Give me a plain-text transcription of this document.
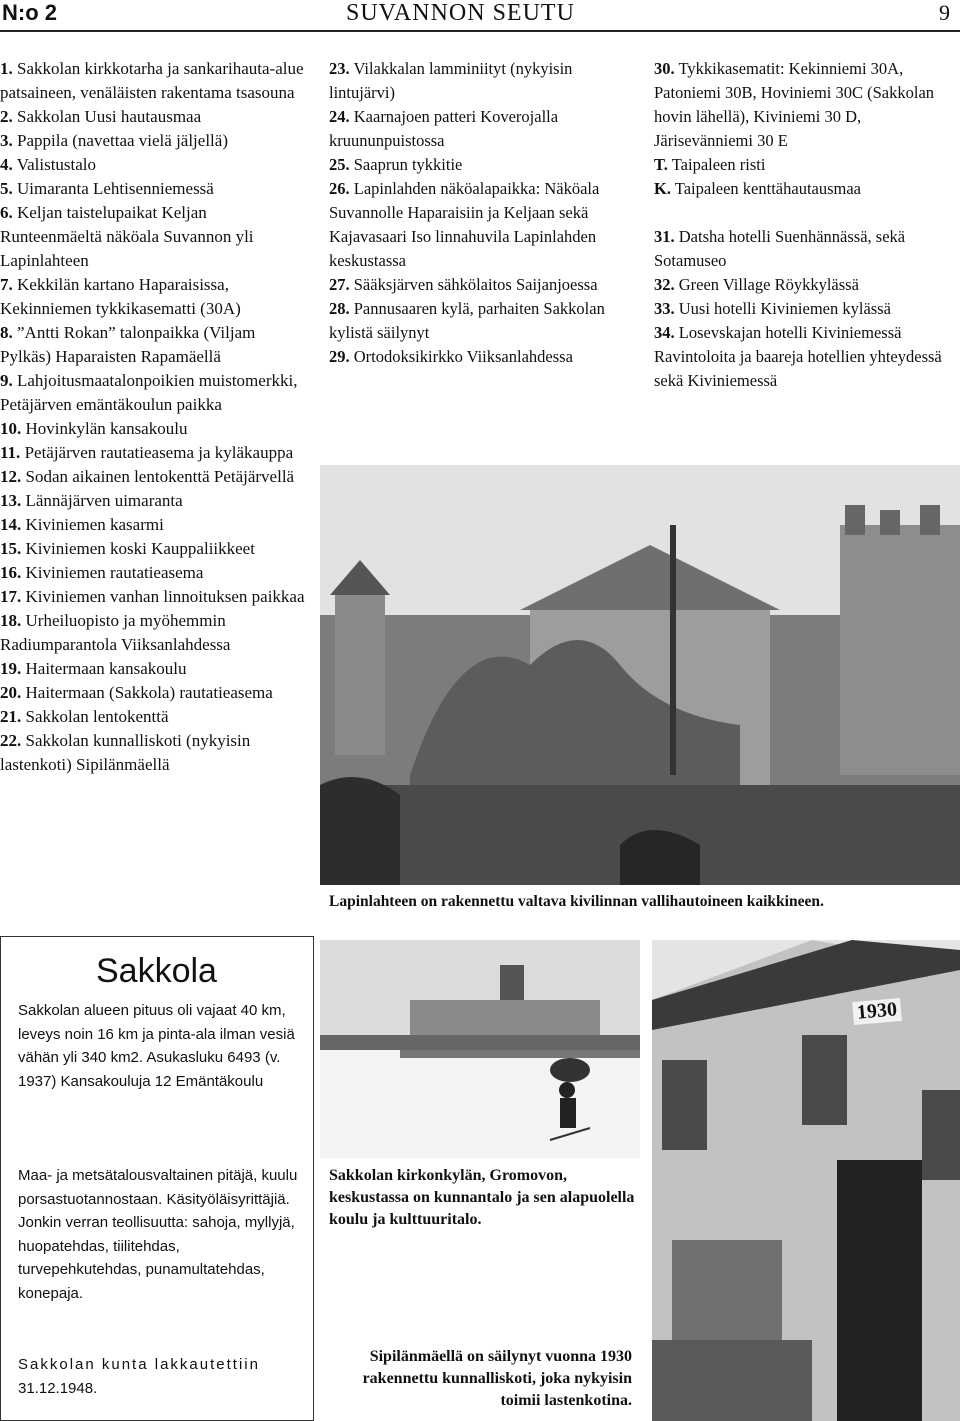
N:o 2	SUVANNON SEUTU	9
1. Sakkolan kirkkotarha ja sankarihauta-alue patsaineen, venäläisten rakentama tsasouna
2. Sakkolan Uusi hautausmaa
3. Pappila (navettaa vielä jäljellä)
4. Valistustalo
5. Uimaranta Lehtisenniemessä
6. Keljan taistelupaikat Keljan Runteenmäeltä näköala Suvannon yli Lapinlahteen
7. Kekkilän kartano Haparaisissa, Kekinniemen tykkikasematti (30A)
8. ”Antti Rokan” talonpaikka (Viljam Pylkäs) Haparaisten Rapamäellä
9. Lahjoitusmaatalonpoikien muistomerkki, Petäjärven emäntäkoulun paikka
10. Hovinkylän kansakoulu
11. Petäjärven rautatieasema ja kyläkauppa
12. Sodan aikainen lentokenttä Petäjärvellä
13. Lännäjärven uimaranta
14. Kiviniemen kasarmi
15. Kiviniemen koski Kauppaliikkeet
16. Kiviniemen rautatieasema
17. Kiviniemen vanhan linnoituksen paikkaa
18. Urheiluopisto ja myöhemmin Radiumparantola Viiksanlahdessa
19. Haitermaan kansakoulu
20. Haitermaan (Sakkola) rautatieasema
21. Sakkolan lentokenttä
22. Sakkolan kunnalliskoti (nykyisin lastenkoti) Sipilänmäellä
23. Vilakkalan lamminiityt (nykyisin lintujärvi)
24. Kaarnajoen patteri Koverojalla kruununpuistossa
25. Saaprun tykkitie
26. Lapinlahden näköalapaikka: Näköala Suvannolle Haparaisiin ja Keljaan sekä Kajavasaari Iso linnahuvila Lapinlahden keskustassa
27. Sääksjärven sähkölaitos Saijanjoessa
28. Pannusaaren kylä, parhaiten Sakkolan kylistä säilynyt
29. Ortodoksikirkko Viiksanlahdessa
30. Tykkikasematit: Kekinniemi 30A, Patoniemi 30B, Hoviniemi 30C (Sakkolan hovin lähellä), Kiviniemi 30 D, Järisevänniemi 30 E
T. Taipaleen risti
K. Taipaleen kenttähautausmaa
31. Datsha hotelli Suenhännässä, sekä Sotamuseo
32. Green Village Röykkylässä
33. Uusi hotelli Kiviniemen kylässä
34. Losevskajan hotelli Kiviniemessä Ravintoloita ja baareja hotellien yhteydessä sekä Kiviniemessä
Lapinlahteen on rakennettu valtava kivilinnan vallihautoineen kaikkineen.
Sakkola
Sakkolan alueen pituus oli vajaat 40 km, leveys noin 16 km ja pinta-ala ilman vesiä vähän yli 340 km2. Asukasluku 6493 (v. 1937) Kansakouluja 12 Emäntäkoulu
Maa- ja metsätalousvaltainen pitäjä, kuulu porsastuotannostaan. Käsityöläisyrittäjiä. Jonkin verran teollisuutta: sahoja, myllyjä, huopatehdas, tiilitehdas, turvepehkutehdas, punamultatehdas, konepaja.
Sakkolan kunta lakkautettiin
31.12.1948.
Sakkolan kirkonkylän, Gromovon, keskustassa on kunnantalo ja sen alapuolella koulu ja kulttuuritalo.
1930
Sipilänmäellä on säilynyt vuonna 1930 rakennettu kunnalliskoti, joka nykyisin toimii lastenkotina.
